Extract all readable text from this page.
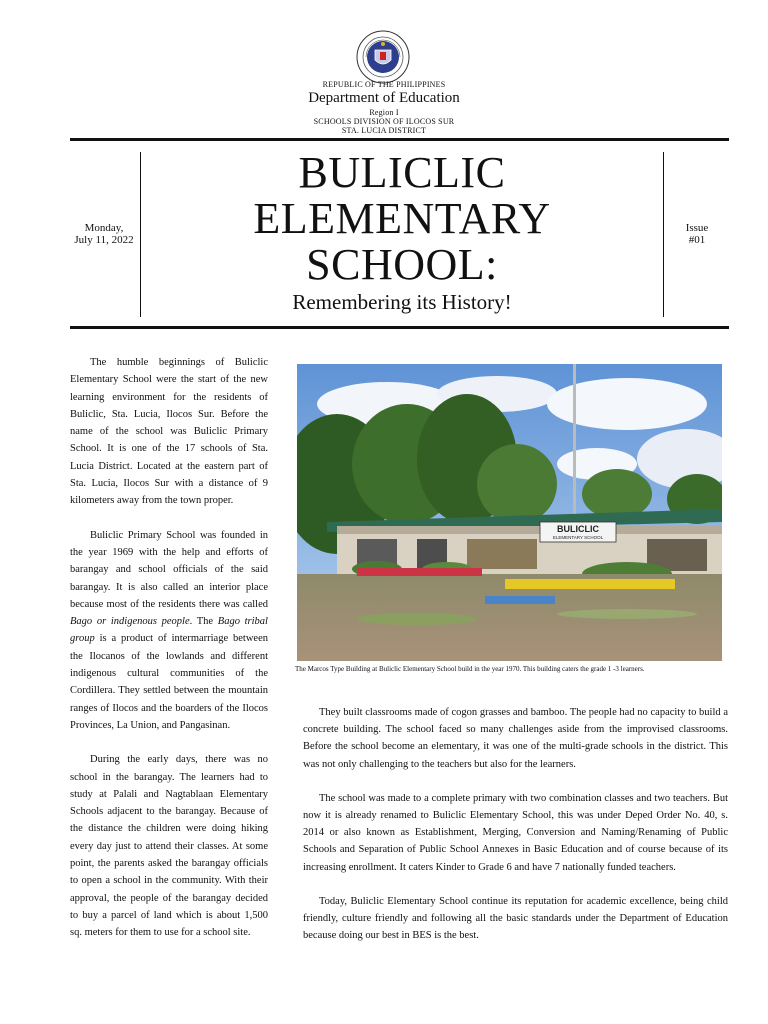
REPUBLIC OF THE PHILIPPINES
Department of Education
Region I
SCHOOLS DIVISION OF ILOCOS SUR
STA. LUCIA DISTRICT
Monday,
July 11, 2022
BULICLIC
ELEMENTARY
SCHOOL:
Remembering its History!
Issue
#01

The humble beginnings of Bulicliс Elementary School were the start of the new learning environment for the residents of Bulicliс, Sta. Lucia, Ilocos Sur. Before the name of the school was Bulicliс Primary School. It is one of the 17 schools of Sta. Lucia District. Located at the eastern part of Sta. Lucia, Ilocos Sur with a distance of 9 kilometers away from the town proper.

Bulicliс Primary School was founded in the year 1969 with the help and efforts of barangay and school officials of the said barangay. It is also called an interior place because most of the residents there was called Bago or indigenous people. The Bago tribal group is a product of intermarriage between the Ilocanos of the lowlands and different indigenous cultural communities of the Cordillera. They settled between the mountain ranges of Ilocos and the boarders of the Ilocos Provinces, La Union, and Pangasinan.

During the early days, there was no school in the barangay. The learners had to study at Palali and Nagtablaan Elementary Schools adjacent to the barangay. Because of the distance the children were doing hiking every day just to attend their classes. At some point, the parents asked the barangay officials to open a school in the community. With their approval, the people of the barangay decided to buy a parcel of land which is about 1,500 sq. meters for them to use for a school site.

BULICLIC
ELEMENTARY SCHOOL
The Marcos Type Building at Bulicliс Elementary School build in the year 1970. This building caters the grade 1 -3 learners.

They built classrooms made of cogon grasses and bamboo. The people had no capacity to build a concrete building. The school faced so many challenges aside from the improvised classrooms. Before the school become an elementary, it was one of the multi-grade schools in the district. This was not only challenging to the teachers but also for the learners.

The school was made to a complete primary with two combination classes and two teachers. But now it is already renamed to Bulicliс Elementary School, this was under Deped Order No. 40, s. 2014 or also known as Establishment, Merging, Conversion and Naming/Renaming of Public Schools and Separation of Public School Annexes in Basic Education and of course because of its increasing enrollment. It caters Kinder to Grade 6 and have 7 nationally funded teachers.

Today, Bulicliс Elementary School continue its reputation for academic excellence, being child friendly, culture friendly and following all the basic standards under the Department of Education because doing our best in BES is the best.
